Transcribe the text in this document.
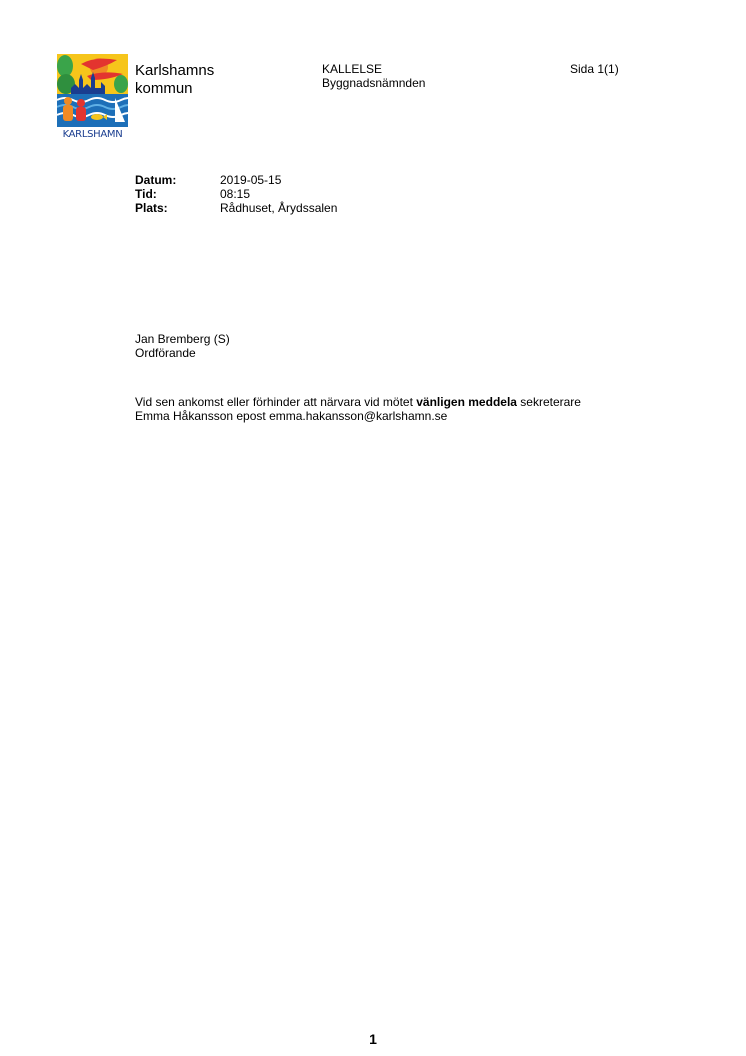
KARLSHAMN
Karlshamns
kommun
KALLELSE
Byggnadsnämnden
Sida 1(1)
Datum:	2019-05-15
Tid:	08:15
Plats:	Rådhuset, Årydssalen
Jan Bremberg (S)
Ordförande
Vid sen ankomst eller förhinder att närvara vid mötet vänligen meddela sekreterare
Emma Håkansson epost emma.hakansson@karlshamn.se
1
